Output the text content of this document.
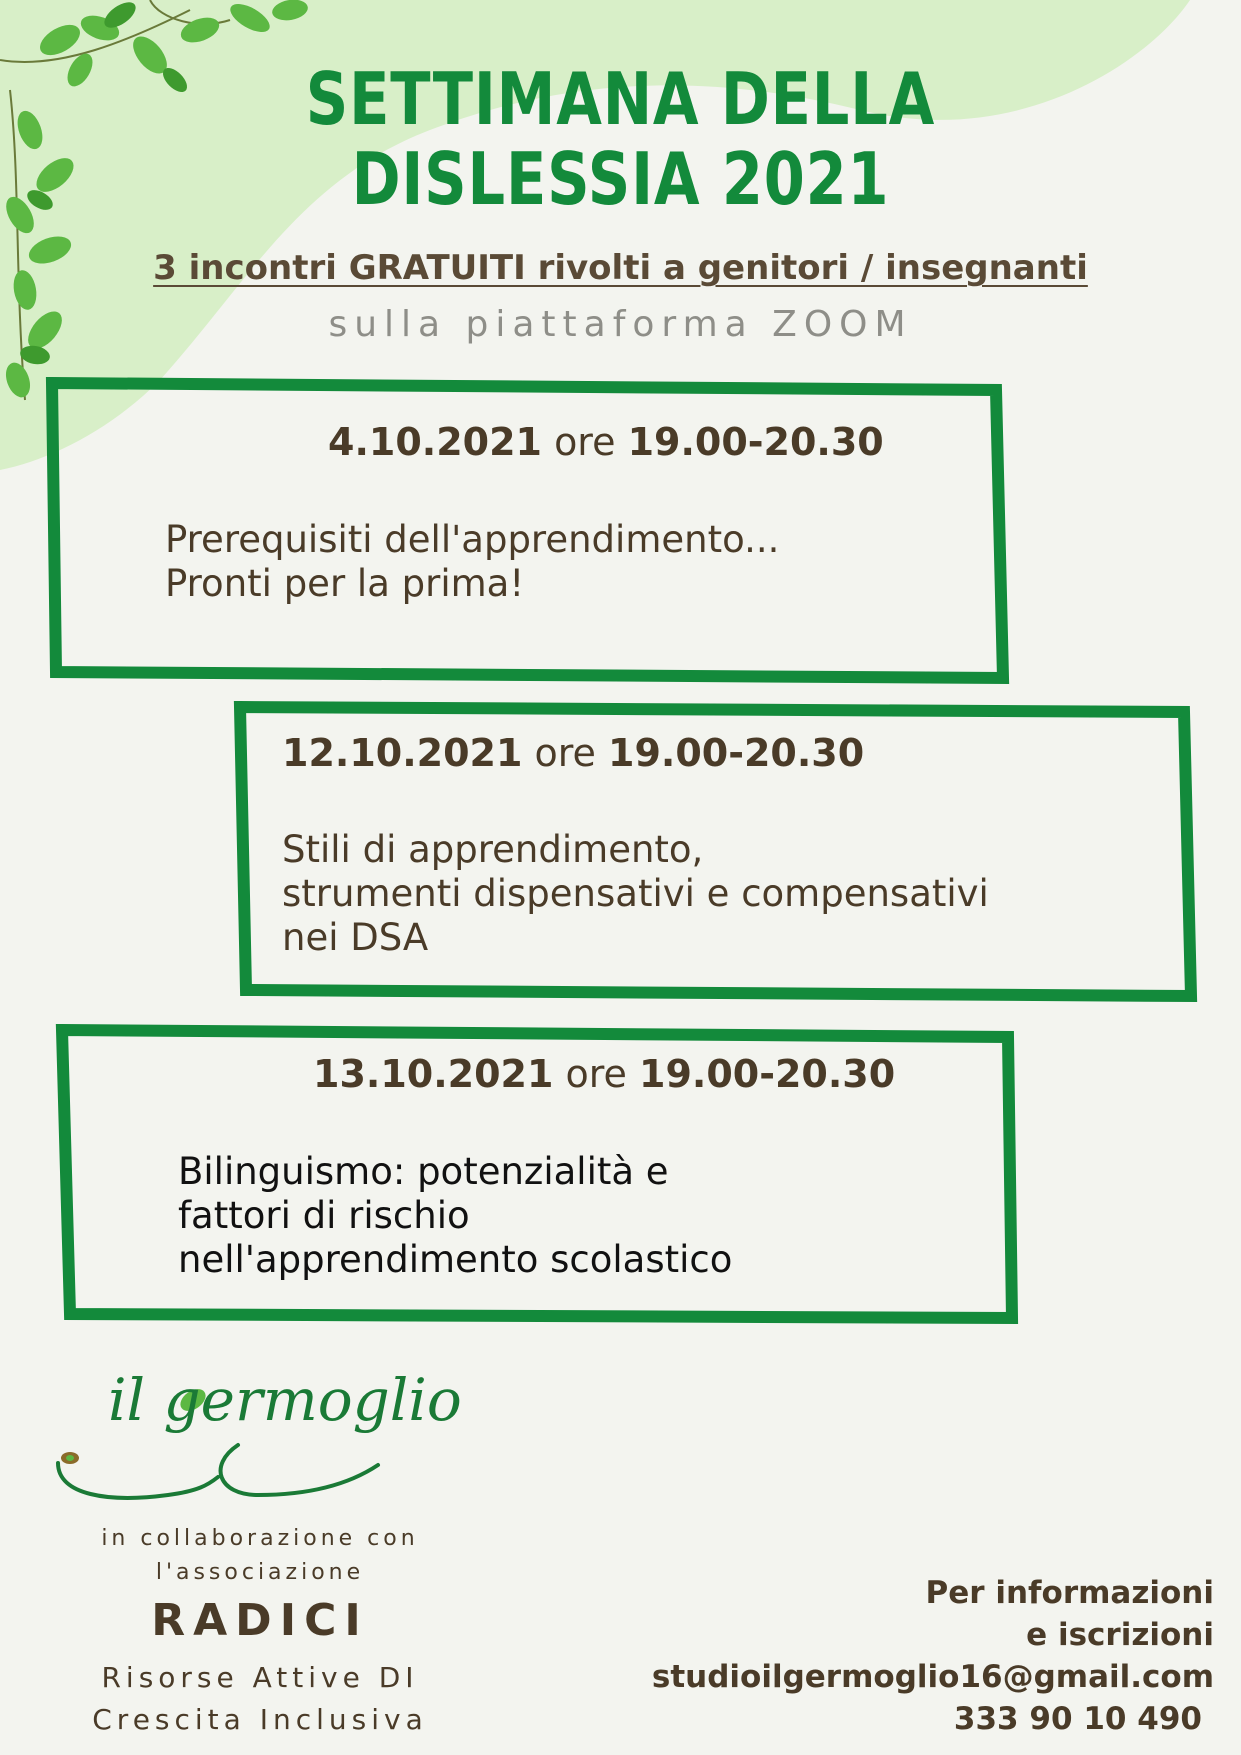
SETTIMANA DELLA
DISLESSIA 2021
3 incontri GRATUITI rivolti a genitori / insegnanti
sulla piattaforma ZOOM
4.10.2021 ore 19.00-20.30
Prerequisiti dell'apprendimento...
Pronti per la prima!
12.10.2021 ore 19.00-20.30
Stili di apprendimento,
strumenti dispensativi e compensativi
nei DSA
13.10.2021 ore 19.00-20.30
Bilinguismo: potenzialità e
fattori di rischio
nell'apprendimento scolastico
il germoglio
in collaborazione con
l'associazione
RADICI
Risorse Attive DI
Crescita Inclusiva
Per informazioni
e iscrizioni
studioilgermoglio16@gmail.com
333 90 10 490
